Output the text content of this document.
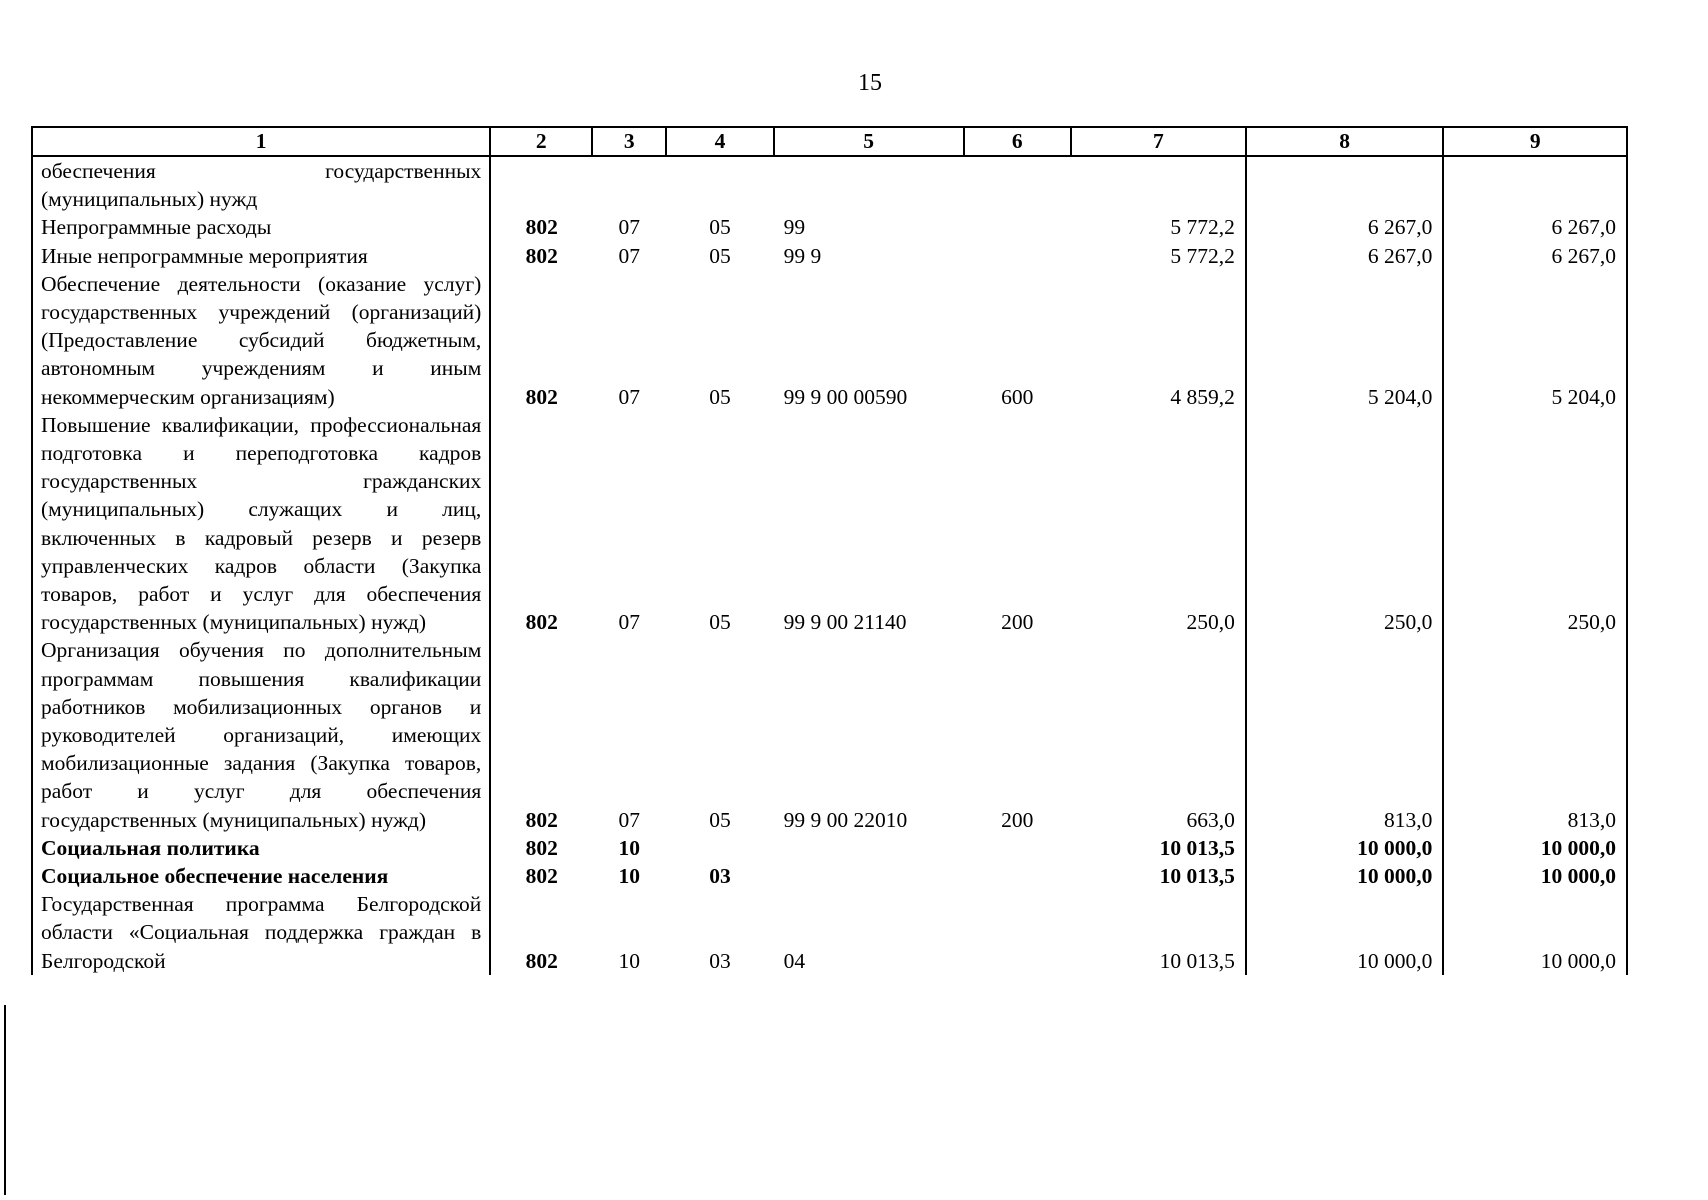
15
1	2	3	4	5	6	7	8	9
обеспечения государственных (муниципальных) нужд								
Непрограммные расходы	802	07	05	99		5 772,2	6 267,0	6 267,0
Иные непрограммные мероприятия	802	07	05	99 9		5 772,2	6 267,0	6 267,0
Обеспечение деятельности (оказание услуг) государственных учреждений (организаций) (Предоставление субсидий бюджетным, автономным учреждениям и иным некоммерческим организациям)	802	07	05	99 9 00 00590	600	4 859,2	5 204,0	5 204,0
Повышение квалификации, профессиональная подготовка и переподготовка кадров государственных гражданских (муниципальных) служащих и лиц, включенных в кадровый резерв и резерв управленческих кадров области (Закупка товаров, работ и услуг для обеспечения государственных (муниципальных) нужд)	802	07	05	99 9 00 21140	200	250,0	250,0	250,0
Организация обучения по дополнительным программам повышения квалификации работников мобилизационных органов и руководителей организаций, имеющих мобилизационные задания (Закупка товаров, работ и услуг для обеспечения государственных (муниципальных) нужд)	802	07	05	99 9 00 22010	200	663,0	813,0	813,0
Социальная политика	802	10				10 013,5	10 000,0	10 000,0
Социальное обеспечение населения	802	10	03			10 013,5	10 000,0	10 000,0
Государственная программа Белгородской области «Социальная поддержка граждан в Белгородской	802	10	03	04		10 013,5	10 000,0	10 000,0
